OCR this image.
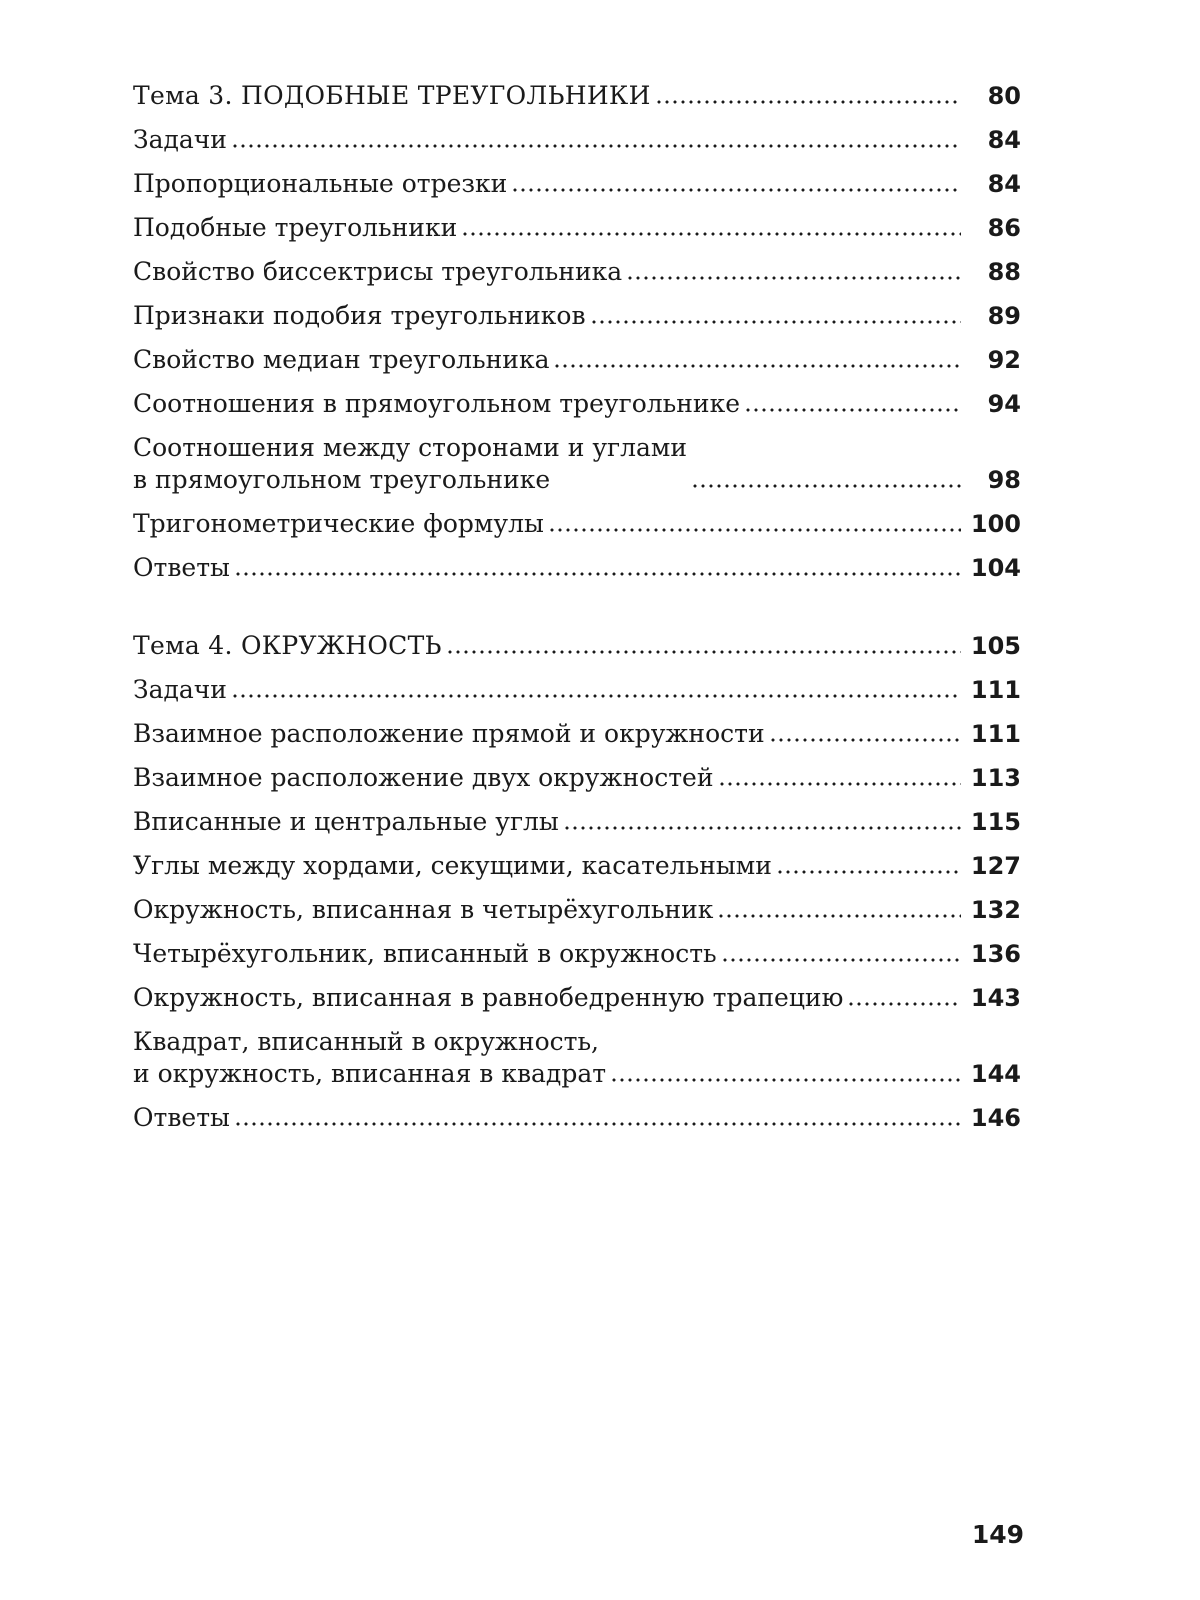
Тема 3. ПОДОБНЫЕ ТРЕУГОЛЬНИКИ	80
Задачи	84
Пропорциональные отрезки	84
Подобные треугольники	86
Свойство биссектрисы треугольника	88
Признаки подобия треугольников	89
Свойство медиан треугольника	92
Соотношения в прямоугольном треугольнике	94
Соотношения между сторонами и углами
в прямоугольном треугольнике	98
Тригонометрические формулы	100
Ответы	104
Тема 4. ОКРУЖНОСТЬ	105
Задачи	111
Взаимное расположение прямой и окружности	111
Взаимное расположение двух окружностей	113
Вписанные и центральные углы	115
Углы между хордами, секущими, касательными	127
Окружность, вписанная в четырёхугольник	132
Четырёхугольник, вписанный в окружность	136
Окружность, вписанная в равнобедренную трапецию	143
Квадрат, вписанный в окружность,
и окружность, вписанная в квадрат	144
Ответы	146
149
